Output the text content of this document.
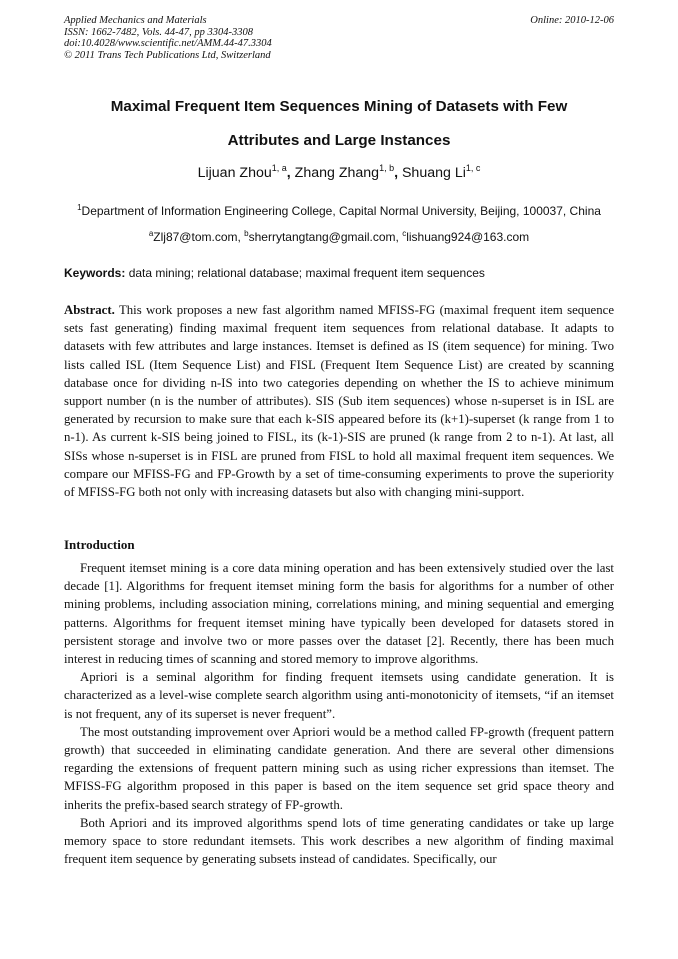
Applied Mechanics and Materials
ISSN: 1662-7482, Vols. 44-47, pp 3304-3308
doi:10.4028/www.scientific.net/AMM.44-47.3304
© 2011 Trans Tech Publications Ltd, Switzerland
Online: 2010-12-06
Maximal Frequent Item Sequences Mining of Datasets with Few
Attributes and Large Instances
Lijuan Zhou$^{1, a}$, Zhang Zhang$^{1, b}$, Shuang Li$^{1, c}$
$^1$Department of Information Engineering College, Capital Normal University, Beijing, 100037, China
$^a$Zlj87@tom.com, $^b$sherrytangtang@gmail.com, $^c$lishuang924@163.com
Keywords: data mining; relational database; maximal frequent item sequences

Abstract. This work proposes a new fast algorithm named MFISS-FG (maximal frequent item sequence sets fast generating) finding maximal frequent item sequences from relational database. It adapts to datasets with few attributes and large instances. Itemset is defined as IS (item sequence) for mining. Two lists called ISL (Item Sequence List) and FISL (Frequent Item Sequence List) are created by scanning database once for dividing n-IS into two categories depending on whether the IS to achieve minimum support number (n is the number of attributes). SIS (Sub item sequences) whose n-superset is in ISL are generated by recursion to make sure that each k-SIS appeared before its (k+1)-superset (k range from 1 to n-1). As current k-SIS being joined to FISL, its (k-1)-SIS are pruned (k range from 2 to n-1). At last, all SISs whose n-superset is in FISL are pruned from FISL to hold all maximal frequent item sequences. We compare our MFISS-FG and FP-Growth by a set of time-consuming experiments to prove the superiority of MFISS-FG both not only with increasing datasets but also with changing mini-support.

Introduction

Frequent itemset mining is a core data mining operation and has been extensively studied over the last decade [1]. Algorithms for frequent itemset mining form the basis for algorithms for a number of other mining problems, including association mining, correlations mining, and mining sequential and emerging patterns. Algorithms for frequent itemset mining have typically been developed for datasets stored in persistent storage and involve two or more passes over the dataset [2]. Recently, there has been much interest in reducing times of scanning and stored memory to improve algorithms.

Apriori is a seminal algorithm for finding frequent itemsets using candidate generation. It is characterized as a level-wise complete search algorithm using anti-monotonicity of itemsets, “if an itemset is not frequent, any of its superset is never frequent”.

The most outstanding improvement over Apriori would be a method called FP-growth (frequent pattern growth) that succeeded in eliminating candidate generation. And there are several other dimensions regarding the extensions of frequent pattern mining such as using richer expressions than itemset. The MFISS-FG algorithm proposed in this paper is based on the item sequence set grid space theory and inherits the prefix-based search strategy of FP-growth.

Both Apriori and its improved algorithms spend lots of time generating candidates or take up large memory space to store redundant itemsets. This work describes a new algorithm of finding maximal frequent item sequence by generating subsets instead of candidates. Specifically, our
